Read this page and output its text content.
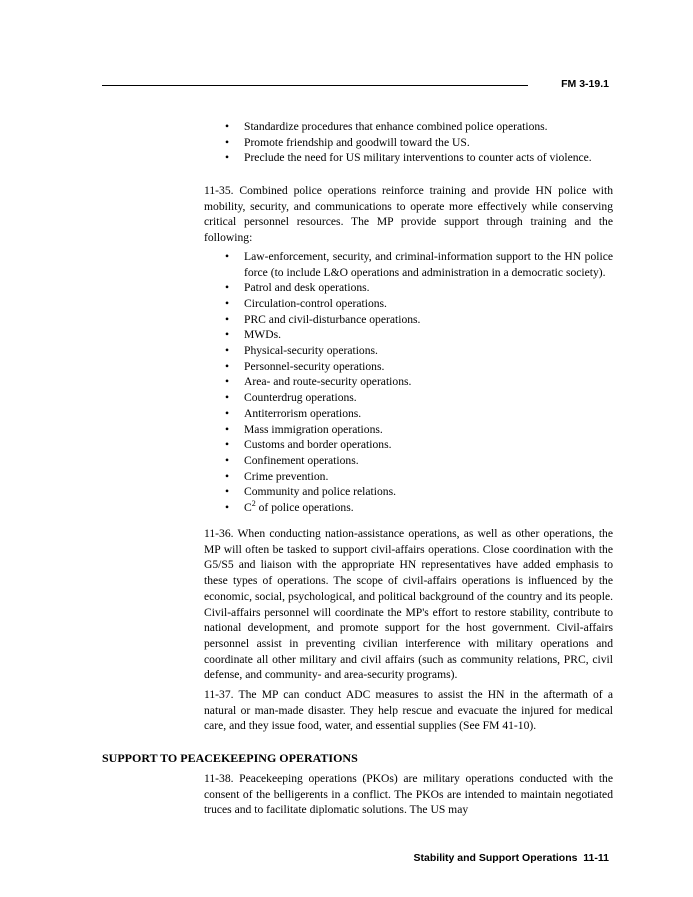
FM 3-19.1
• Standardize procedures that enhance combined police operations.
• Promote friendship and goodwill toward the US.
• Preclude the need for US military interventions to counter acts of violence.

11-35. Combined police operations reinforce training and provide HN police with mobility, security, and communications to operate more effectively while conserving critical personnel resources. The MP provide support through training and the following:

• Law-enforcement, security, and criminal-information support to the HN police force (to include L&O operations and administration in a democratic society).
• Patrol and desk operations.
• Circulation-control operations.
• PRC and civil-disturbance operations.
• MWDs.
• Physical-security operations.
• Personnel-security operations.
• Area- and route-security operations.
• Counterdrug operations.
• Antiterrorism operations.
• Mass immigration operations.
• Customs and border operations.
• Confinement operations.
• Crime prevention.
• Community and police relations.
• $C^2$ of police operations.

11-36. When conducting nation-assistance operations, as well as other operations, the MP will often be tasked to support civil-affairs operations. Close coordination with the G5/S5 and liaison with the appropriate HN representatives have added emphasis to these types of operations. The scope of civil-affairs operations is influenced by the economic, social, psychological, and political background of the country and its people. Civil-affairs personnel will coordinate the MP's effort to restore stability, contribute to national development, and promote support for the host government. Civil-affairs personnel assist in preventing civilian interference with military operations and coordinate all other military and civil affairs (such as community relations, PRC, civil defense, and community- and area-security programs).

11-37. The MP can conduct ADC measures to assist the HN in the aftermath of a natural or man-made disaster. They help rescue and evacuate the injured for medical care, and they issue food, water, and essential supplies (See FM 41-10).

SUPPORT TO PEACEKEEPING OPERATIONS

11-38. Peacekeeping operations (PKOs) are military operations conducted with the consent of the belligerents in a conflict. The PKOs are intended to maintain negotiated truces and to facilitate diplomatic solutions. The US may

Stability and Support Operations  11-11
